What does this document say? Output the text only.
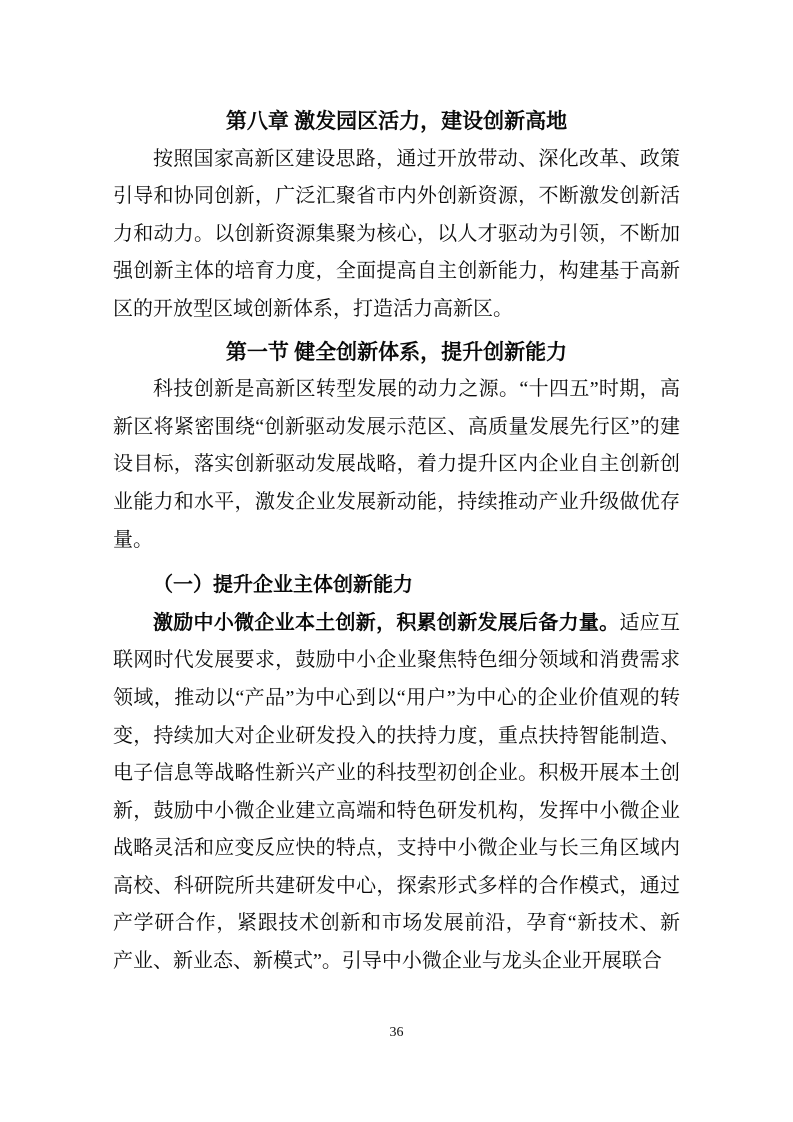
第八章 激发园区活力，建设创新高地

按照国家高新区建设思路，通过开放带动、深化改革、政策引导和协同创新，广泛汇聚省市内外创新资源，不断激发创新活力和动力。以创新资源集聚为核心，以人才驱动为引领，不断加强创新主体的培育力度，全面提高自主创新能力，构建基于高新区的开放型区域创新体系，打造活力高新区。

第一节 健全创新体系，提升创新能力

科技创新是高新区转型发展的动力之源。“十四五”时期，高新区将紧密围绕“创新驱动发展示范区、高质量发展先行区”的建设目标，落实创新驱动发展战略，着力提升区内企业自主创新创业能力和水平，激发企业发展新动能，持续推动产业升级做优存量。

（一）提升企业主体创新能力

激励中小微企业本土创新，积累创新发展后备力量。适应互联网时代发展要求，鼓励中小企业聚焦特色细分领域和消费需求领域，推动以“产品”为中心到以“用户”为中心的企业价值观的转变，持续加大对企业研发投入的扶持力度，重点扶持智能制造、电子信息等战略性新兴产业的科技型初创企业。积极开展本土创新，鼓励中小微企业建立高端和特色研发机构，发挥中小微企业战略灵活和应变反应快的特点，支持中小微企业与长三角区域内高校、科研院所共建研发中心，探索形式多样的合作模式，通过产学研合作，紧跟技术创新和市场发展前沿，孕育“新技术、新产业、新业态、新模式”。引导中小微企业与龙头企业开展联合

36
